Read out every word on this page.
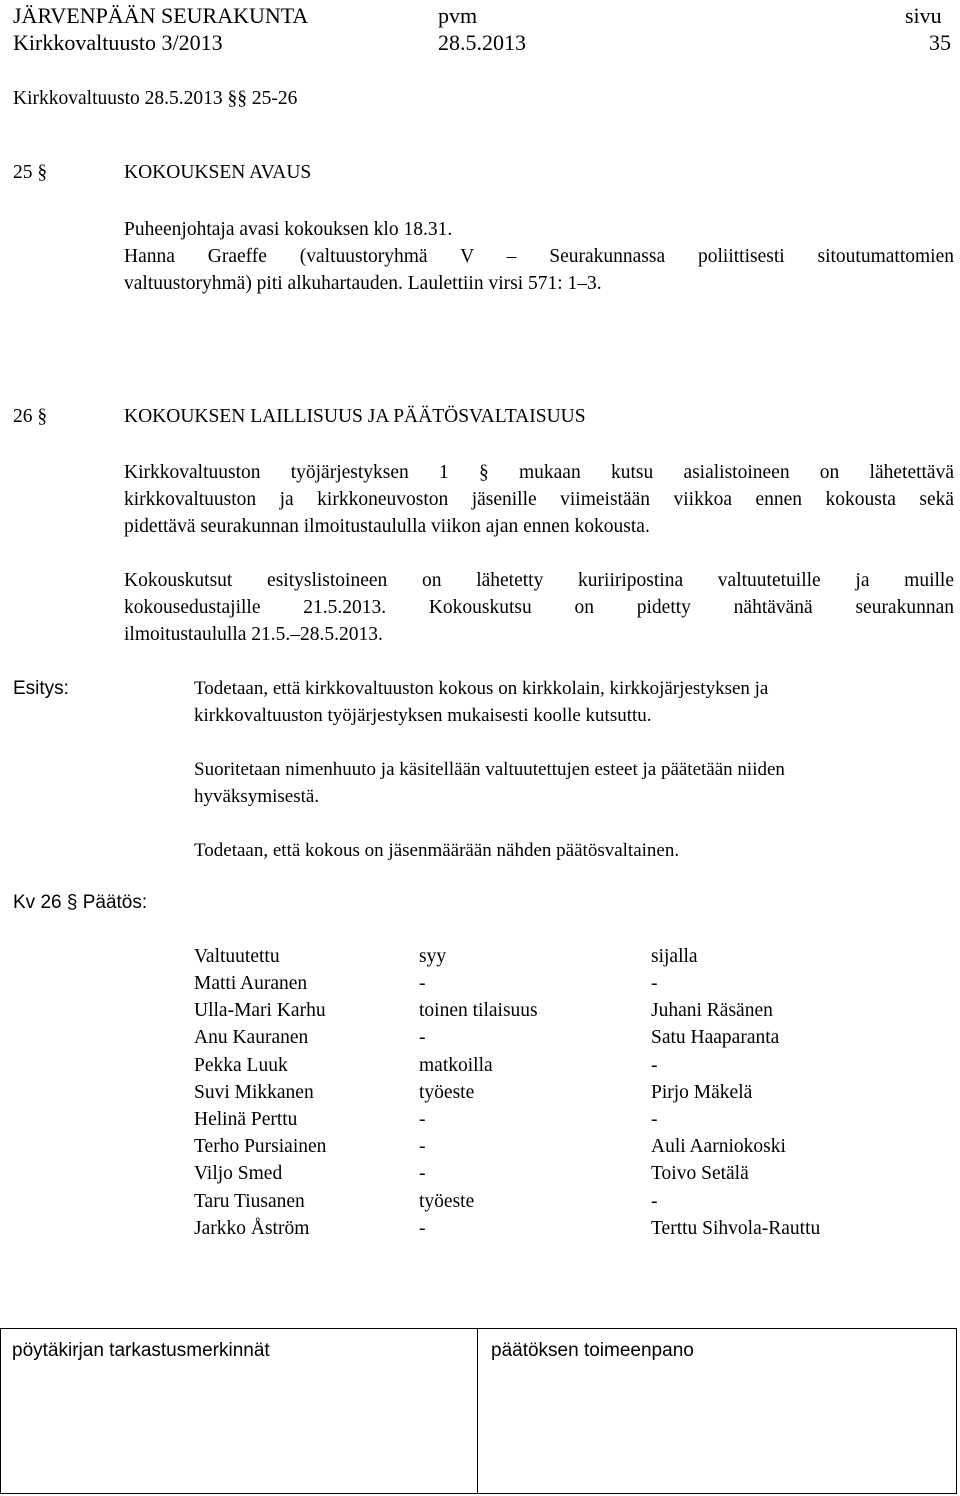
JÄRVENPÄÄN SEURAKUNTA	pvm	sivu
Kirkkovaltuusto 3/2013	28.5.2013	35
Kirkkovaltuusto 28.5.2013 §§ 25-26
25 §	KOKOUKSEN AVAUS
Puheenjohtaja avasi kokouksen klo 18.31.
Hanna Graeffe (valtuustoryhmä V – Seurakunnassa poliittisesti sitoutumattomien
valtuustoryhmä) piti alkuhartauden. Laulettiin virsi 571: 1–3.
26 §	KOKOUKSEN LAILLISUUS JA PÄÄTÖSVALTAISUUS
Kirkkovaltuuston työjärjestyksen 1 § mukaan kutsu asialistoineen on lähetettävä
kirkkovaltuuston ja kirkkoneuvoston jäsenille viimeistään viikkoa ennen kokousta sekä
pidettävä seurakunnan ilmoitustaululla viikon ajan ennen kokousta.
Kokouskutsut esityslistoineen on lähetetty kuriiripostina valtuutetuille ja muille
kokousedustajille 21.5.2013. Kokouskutsu on pidetty nähtävänä seurakunnan
ilmoitustaululla 21.5.–28.5.2013.
Esitys:	Todetaan, että kirkkovaltuuston kokous on kirkkolain, kirkkojärjestyksen ja
kirkkovaltuuston työjärjestyksen mukaisesti koolle kutsuttu.
Suoritetaan nimenhuuto ja käsitellään valtuutettujen esteet ja päätetään niiden
hyväksymisestä.
Todetaan, että kokous on jäsenmäärään nähden päätösvaltainen.
Kv 26 § Päätös:
Valtuutettu	syy	sijalla
Matti Auranen	-	-
Ulla-Mari Karhu	toinen tilaisuus	Juhani Räsänen
Anu Kauranen	-	Satu Haaparanta
Pekka Luuk	matkoilla	-
Suvi Mikkanen	työeste	Pirjo Mäkelä
Helinä Perttu	-	-
Terho Pursiainen	-	Auli Aarniokoski
Viljo Smed	-	Toivo Setälä
Taru Tiusanen	työeste	-
Jarkko Åström	-	Terttu Sihvola-Rauttu
pöytäkirjan tarkastusmerkinnät	päätöksen toimeenpano
